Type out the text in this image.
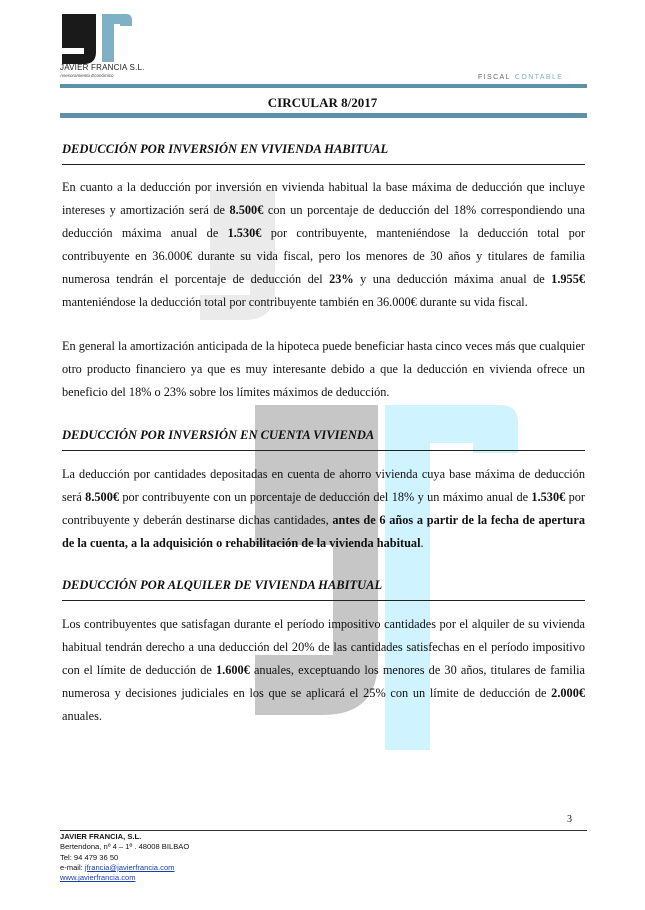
JAVIER FRANCIA S.L.
Asesoramiento Económico	FISCAL CONTABLE
CIRCULAR 8/2017
DEDUCCIÓN POR INVERSIÓN EN VIVIENDA HABITUAL

En cuanto a la deducción por inversión en vivienda habitual la base máxima de deducción que incluye intereses y amortización será de 8.500€ con un porcentaje de deducción del 18% correspondiendo una deducción máxima anual de 1.530€ por contribuyente, manteniéndose la deducción total por contribuyente en 36.000€ durante su vida fiscal, pero los menores de 30 años y titulares de familia numerosa tendrán el porcentaje de deducción del 23% y una deducción máxima anual de 1.955€ manteniéndose la deducción total por contribuyente también en 36.000€ durante su vida fiscal.

En general la amortización anticipada de la hipoteca puede beneficiar hasta cinco veces más que cualquier otro producto financiero ya que es muy interesante debido a que la deducción en vivienda ofrece un beneficio del 18% o 23% sobre los límites máximos de deducción.

DEDUCCIÓN POR INVERSIÓN EN CUENTA VIVIENDA

La deducción por cantidades depositadas en cuenta de ahorro vivienda cuya base máxima de deducción será 8.500€ por contribuyente con un porcentaje de deducción del 18% y un máximo anual de 1.530€ por contribuyente y deberán destinarse dichas cantidades, antes de 6 años a partir de la fecha de apertura de la cuenta, a la adquisición o rehabilitación de la vivienda habitual.

DEDUCCIÓN POR ALQUILER DE VIVIENDA HABITUAL

Los contribuyentes que satisfagan durante el período impositivo cantidades por el alquiler de su vivienda habitual tendrán derecho a una deducción del 20% de las cantidades satisfechas en el período impositivo con el límite de deducción de 1.600€ anuales, exceptuando los menores de 30 años, titulares de familia numerosa y decisiones judiciales en los que se aplicará el 25% con un límite de deducción de 2.000€ anuales.

3
JAVIER FRANCIA, S.L.
Bertendona, nº 4 – 1º . 48008 BILBAO
Tel: 94 479 36 50
e-mail: jfrancia@javierfrancia.com
www.javierfrancia.com
